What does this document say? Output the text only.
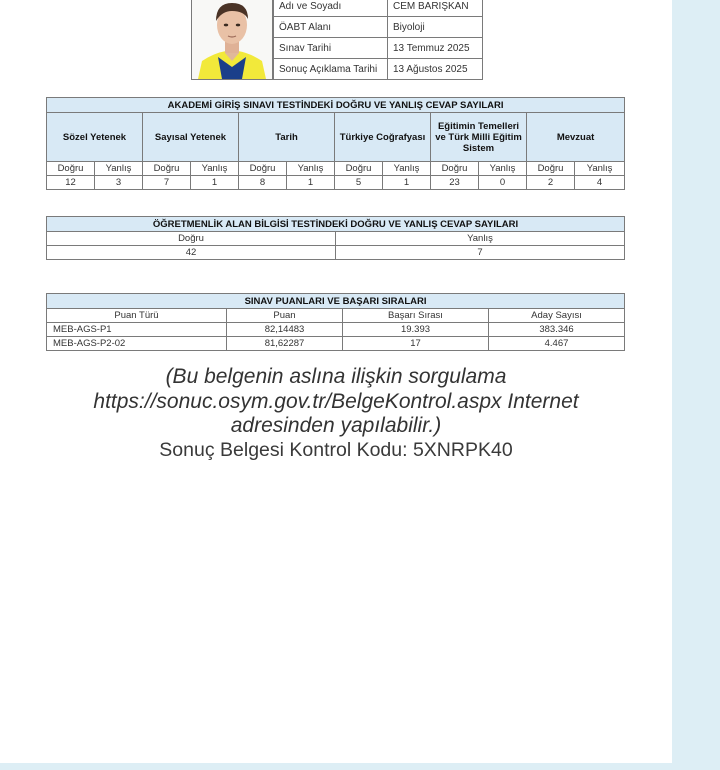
Adı ve Soyadı	CEM BARIŞKAN
ÖABT Alanı	Biyoloji
Sınav Tarihi	13 Temmuz 2025
Sonuç Açıklama Tarihi	13 Ağustos 2025
AKADEMİ GİRİŞ SINAVI TESTİNDEKİ DOĞRU VE YANLIŞ CEVAP SAYILARI											
Sözel Yetenek		Sayısal Yetenek		Tarih		Türkiye Coğrafyası		Eğitimin Temelleri ve Türk Milli Eğitim Sistem		Mevzuat	
Doğru	Yanlış	Doğru	Yanlış	Doğru	Yanlış	Doğru	Yanlış	Doğru	Yanlış	Doğru	Yanlış
12	3	7	1	8	1	5	1	23	0	2	4
ÖĞRETMENLİK ALAN BİLGİSİ TESTİNDEKİ DOĞRU VE YANLIŞ CEVAP SAYILARI	
Doğru	Yanlış
42	7
SINAV PUANLARI VE BAŞARI SIRALARI			
Puan Türü	Puan	Başarı Sırası	Aday Sayısı
MEB-AGS-P1	82,14483	19.393	383.346
MEB-AGS-P2-02	81,62287	17	4.467
(Bu belgenin aslına ilişkin sorgulama
https://sonuc.osym.gov.tr/BelgeKontrol.aspx Internet
adresinden yapılabilir.)
Sonuç Belgesi Kontrol Kodu: 5XNRPK40
